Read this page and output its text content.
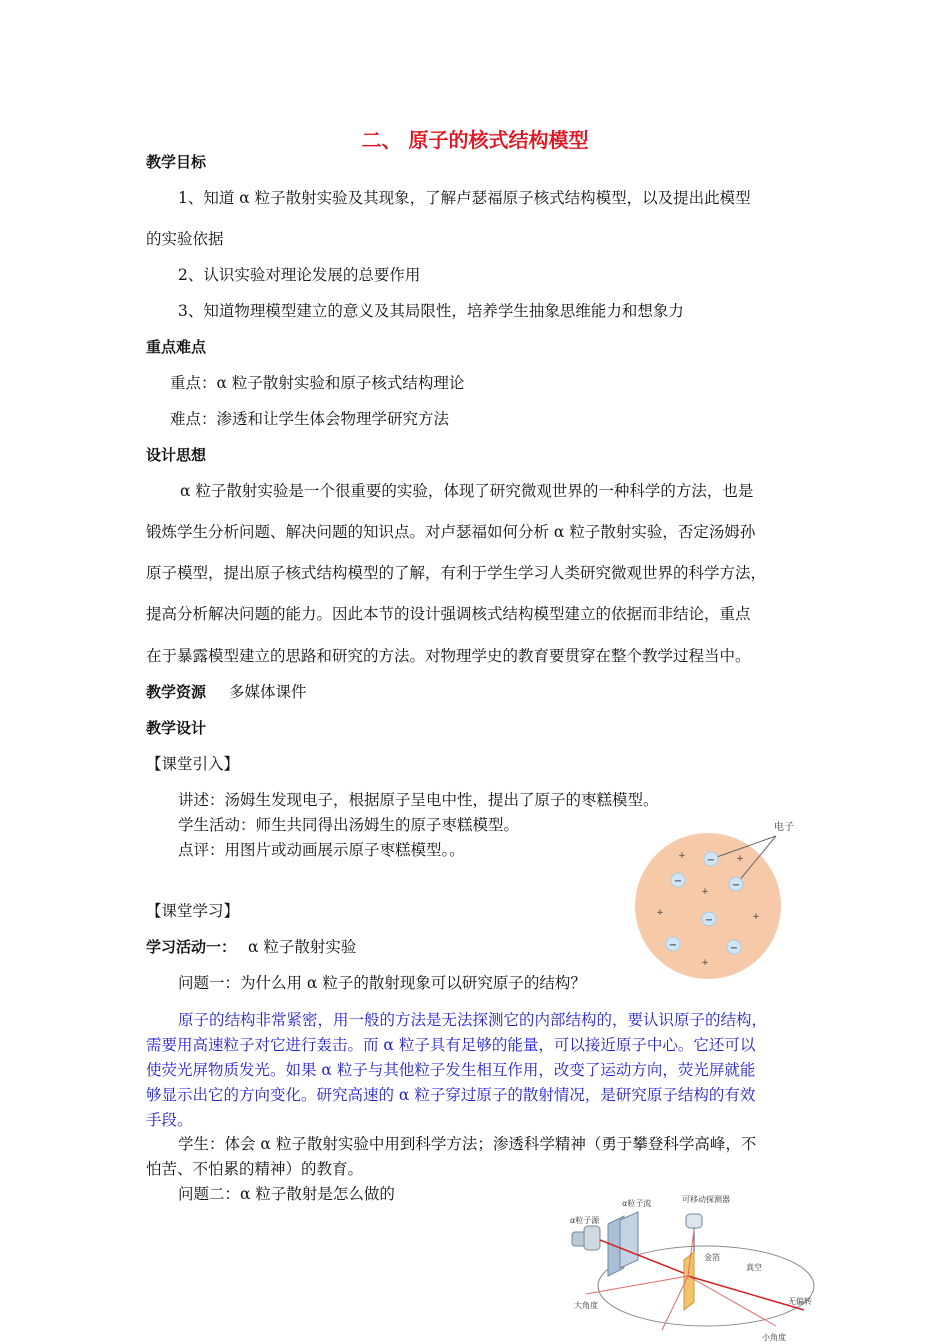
二、 原子的核式结构模型
教学目标
1、知道 α 粒子散射实验及其现象，了解卢瑟福原子核式结构模型，以及提出此模型
的实验依据
2、认识实验对理论发展的总要作用
3、知道物理模型建立的意义及其局限性，培养学生抽象思维能力和想象力
重点难点
重点：α 粒子散射实验和原子核式结构理论
难点：渗透和让学生体会物理学研究方法
设计思想
α 粒子散射实验是一个很重要的实验，体现了研究微观世界的一种科学的方法，也是
锻炼学生分析问题、解决问题的知识点。对卢瑟福如何分析 α 粒子散射实验，否定汤姆孙
原子模型，提出原子核式结构模型的了解，有利于学生学习人类研究微观世界的科学方法，
提高分析解决问题的能力。因此本节的设计强调核式结构模型建立的依据而非结论，重点
在于暴露模型建立的思路和研究的方法。对物理学史的教育要贯穿在整个教学过程当中。
教学资源 多媒体课件
教学设计
【课堂引入】
讲述：汤姆生发现电子，根据原子呈电中性，提出了原子的枣糕模型。
学生活动：师生共同得出汤姆生的原子枣糕模型。
点评：用图片或动画展示原子枣糕模型。。
电子
−
−	−
−
−	−
+	+
+
+	+
+
【课堂学习】
学习活动一： α 粒子散射实验
问题一：为什么用 α 粒子的散射现象可以研究原子的结构？
原子的结构非常紧密，用一般的方法是无法探测它的内部结构的，要认识原子的结构，
需要用高速粒子对它进行轰击。而 α 粒子具有足够的能量，可以接近原子中心。它还可以
使荧光屏物质发光。如果 α 粒子与其他粒子发生相互作用，改变了运动方向，荧光屏就能
够显示出它的方向变化。研究高速的 α 粒子穿过原子的散射情况，是研究原子结构的有效
手段。
学生：体会 α 粒子散射实验中用到科学方法；渗透科学精神（勇于攀登科学高峰，不
怕苦、不怕累的精神）的教育。
问题二：α 粒子散射是怎么做的
α粒子源
α粒子流	可移动探测器
金箔
真空
大角度	无偏转
小角度
